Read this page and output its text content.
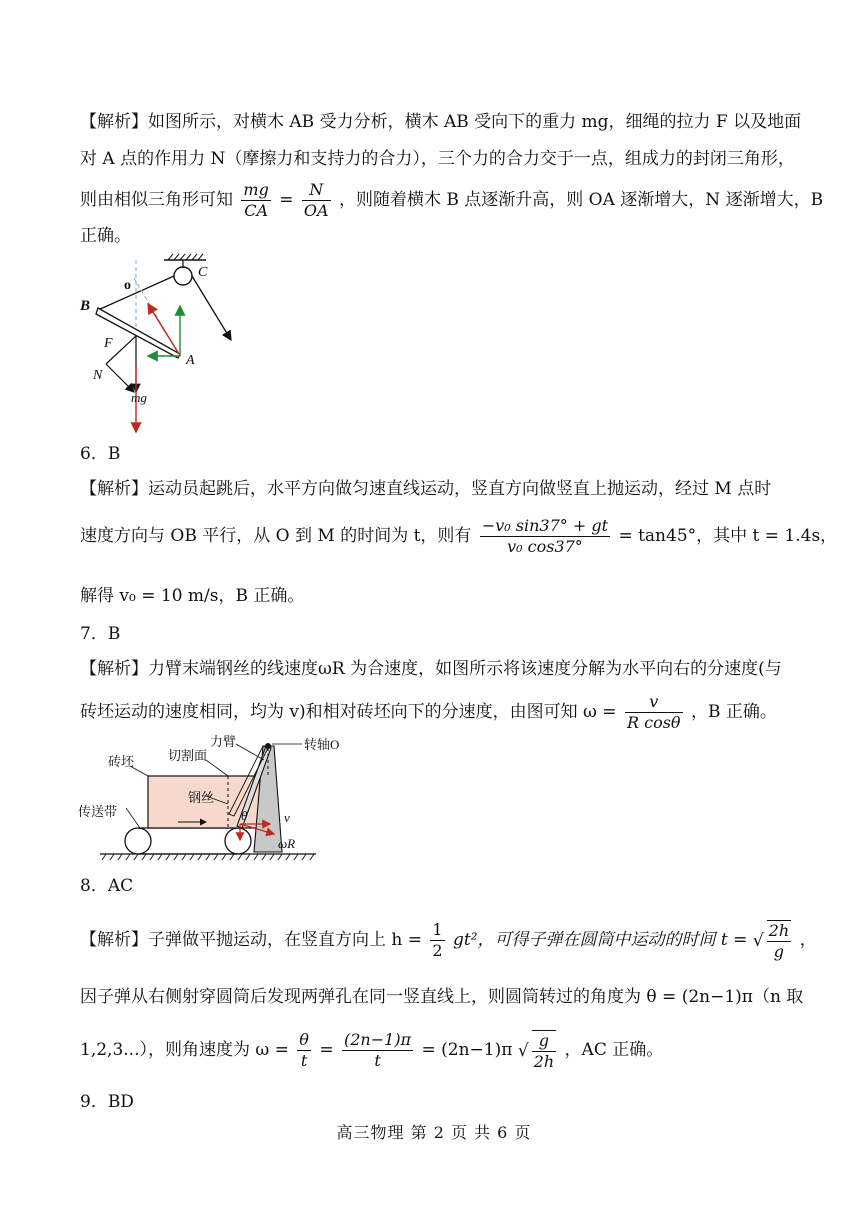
【解析】如图所示，对横木 AB 受力分析，横木 AB 受向下的重力 mg，细绳的拉力 F 以及地面
对 A 点的作用力 N（摩擦力和支持力的合力），三个力的合力交于一点，组成力的封闭三角形，
则由相似三角形可知 $\frac{mg}{CA} = \frac{N}{OA}$ ，则随着横木 B 点逐渐升高，则 OA 逐渐增大，N 逐渐增大，B
正确。
o
B
C
A
F
N
mg
6．B
【解析】运动员起跳后，水平方向做匀速直线运动，竖直方向做竖直上抛运动，经过 M 点时
速度方向与 OB 平行，从 O 到 M 的时间为 t，则有 $\frac{\text{−v₀ sin37° + gt}}{\text{v₀ cos37°}} = \tan 45^\circ$，其中 t = 1.4s，
解得 v₀ = 10 m/s，B 正确。
7．B
【解析】力臂末端钢丝的线速度ωR 为合速度，如图所示将该速度分解为水平向右的分速度(与
砖坯运动的速度相同，均为 v)和相对砖坯向下的分速度，由图可知 $\omega = \frac{v}{\text{R cosθ}}$ ，B 正确。
砖坯	切割面
力臂	转轴O
传送带
钢丝
θ	v
ωR
8．AC
【解析】子弹做平抛运动，在竖直方向上 $h = \frac{1}{2} gt^2$，可得子弹在圆筒中运动的时间 t = √ $\frac{2h}{g}$ ，
因子弹从右侧射穿圆筒后发现两弹孔在同一竖直线上，则圆筒转过的角度为 θ = (2n−1)π（n 取
1,2,3...），则角速度为 $\omega = \frac{\theta}{t} = \frac{(2n-1)\pi}{t} = (2n-1)\pi$ √ $\frac{g}{2h}$ ，AC 正确。
9．BD
高三物理 第 2 页 共 6 页
